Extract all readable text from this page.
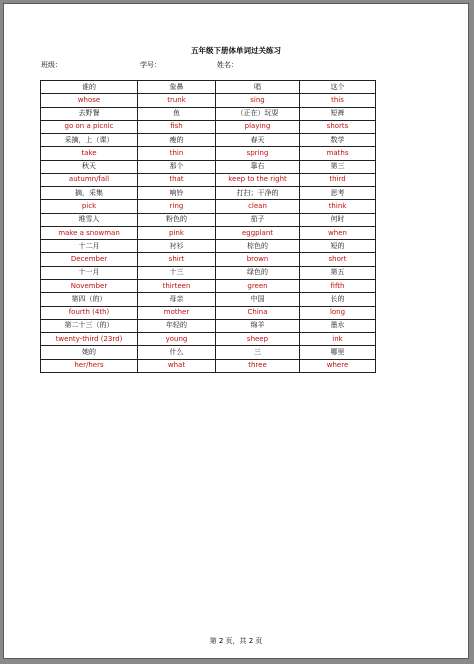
五年级下册体单词过关练习
班级：	学号：	姓名：
谁的	象鼻	唱	这个
whose	trunk	sing	this
去野餐	鱼	（正在）玩耍	短裤
go on a picnic	fish	playing	shorts
采摘，上（课）	瘦的	春天	数学
take	thin	spring	maths
秋天	那个	靠右	第三
autumn/fall	that	keep to the right	third
摘，采集	响铃	打扫；干净的	思考
pick	ring	clean	think
堆雪人	粉色的	茄子	何时
make a snowman	pink	eggplant	when
十二月	衬衫	棕色的	短的
December	shirt	brown	short
十一月	十三	绿色的	第五
November	thirteen	green	fifth
第四（的）	母亲	中国	长的
fourth (4th)	mother	China	long
第二十三（的）	年轻的	绵羊	墨水
twenty-third (23rd)	young	sheep	ink
她的	什么	三	哪里
her/hers	what	three	where
第 2 页，共 2 页
